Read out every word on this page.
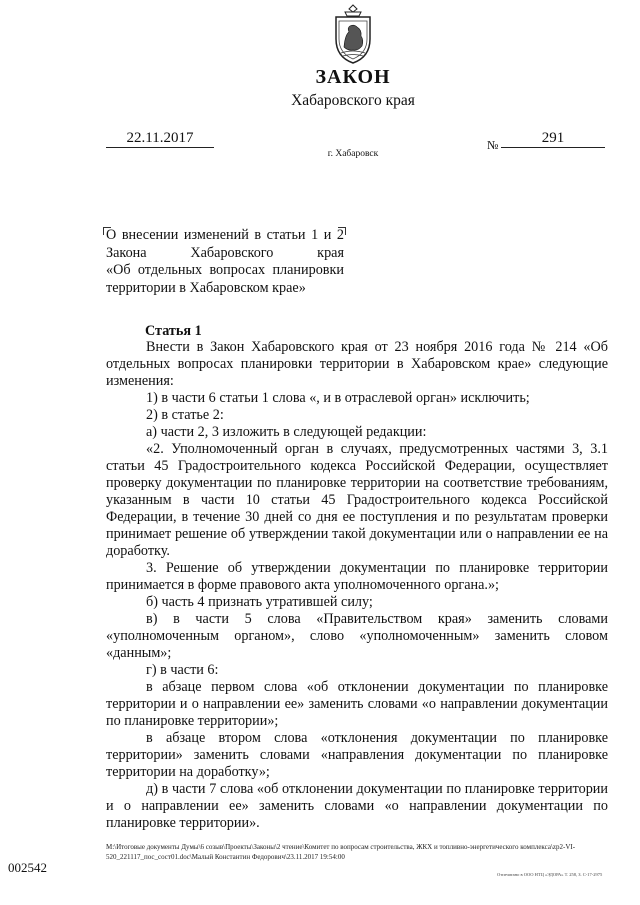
ЗАКОН
Хабаровского края
22.11.2017	№	291
г. Хабаровск
О внесении изменений в статьи 1 и 2
Закона Хабаровского края
«Об отдельных вопросах планировки
территории в Хабаровском крае»
Статья 1

Внести в Закон Хабаровского края от 23 ноября 2016 года № 214 «Об отдельных вопросах планировки территории в Хабаровском крае» следующие изменения:

1) в части 6 статьи 1 слова «, и в отраслевой орган» исключить;

2) в статье 2:

а) части 2, 3 изложить в следующей редакции:

«2. Уполномоченный орган в случаях, предусмотренных частями 3, 3.1 статьи 45 Градостроительного кодекса Российской Федерации, осуществляет проверку документации по планировке территории на соответствие требованиям, указанным в части 10 статьи 45 Градостроительного кодекса Российской Федерации, в течение 30 дней со дня ее поступления и по результатам проверки принимает решение об утверждении такой документации или о направлении ее на доработку.

3. Решение об утверждении документации по планировке территории принимается в форме правового акта уполномоченного органа.»;

б) часть 4 признать утратившей силу;

в) в части 5 слова «Правительством края» заменить словами «уполномоченным органом», слово «уполномоченным» заменить словом «данным»;

г) в части 6:

в абзаце первом слова «об отклонении документации по планировке территории и о направлении ее» заменить словами «о направлении документации по планировке территории»;

в абзаце втором слова «отклонения документации по планировке территории» заменить словами «направления документации по планировке территории на доработку»;

д) в части 7 слова «об отклонении документации по планировке территории и о направлении ее» заменить словами «о направлении документации по планировке территории».

M:\Итоговые документы Думы\6 созыв\Проекты\Законы\2 чтение\Комитет по вопросам строительства, ЖКХ и топливно-энергетического комплекса\zp2-VI-520_221117_пос_сост01.doc\Малый Константин Федорович\23.11.2017 19:54:00
002542	Отпечатано в ООО НТЦ «ЭДОРА» Т. 258, З. С-17-2975
